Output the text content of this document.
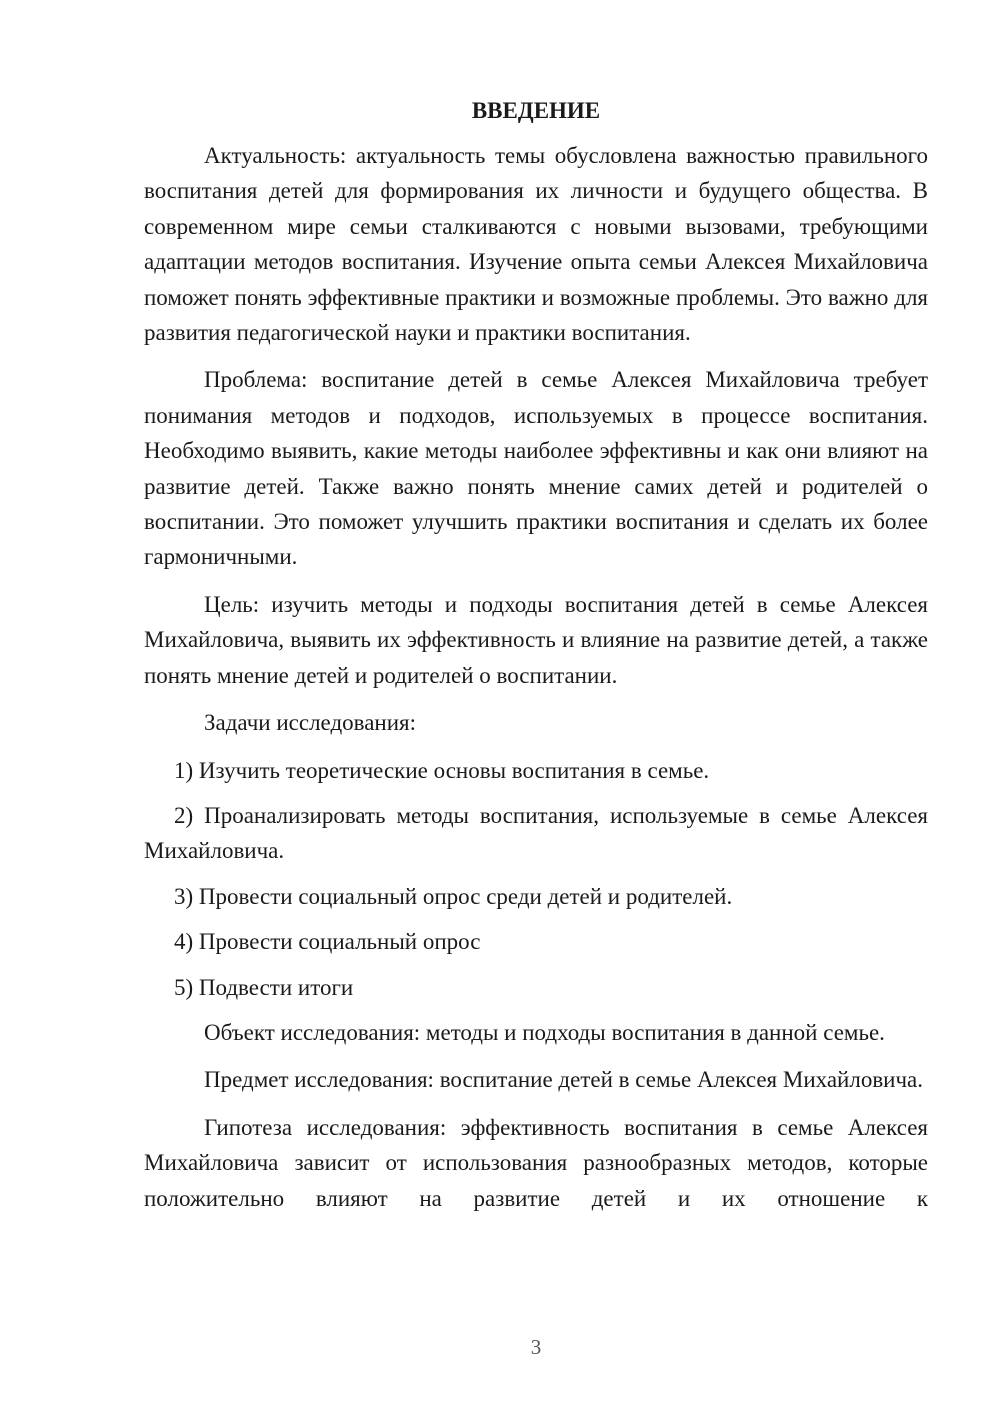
ВВЕДЕНИЕ

Актуальность: актуальность темы обусловлена важностью правильного воспитания детей для формирования их личности и будущего общества. В современном мире семьи сталкиваются с новыми вызовами, требующими адаптации методов воспитания. Изучение опыта семьи Алексея Михайловича поможет понять эффективные практики и возможные проблемы. Это важно для развития педагогической науки и практики воспитания.

Проблема: воспитание детей в семье Алексея Михайловича требует понимания методов и подходов, используемых в процессе воспитания. Необходимо выявить, какие методы наиболее эффективны и как они влияют на развитие детей. Также важно понять мнение самих детей и родителей о воспитании. Это поможет улучшить практики воспитания и сделать их более гармоничными.

Цель: изучить методы и подходы воспитания детей в семье Алексея Михайловича, выявить их эффективность и влияние на развитие детей, а также понять мнение детей и родителей о воспитании.

Задачи исследования:

1) Изучить теоретические основы воспитания в семье.

2) Проанализировать методы воспитания, используемые в семье Алексея Михайловича.

3) Провести социальный опрос среди детей и родителей.

4) Провести социальный опрос

5) Подвести итоги

Объект исследования: методы и подходы воспитания в данной семье.

Предмет исследования: воспитание детей в семье Алексея Михайловича.

Гипотеза исследования: эффективность воспитания в семье Алексея Михайловича зависит от использования разнообразных методов, которые положительно влияют на развитие детей и их отношение к

3
